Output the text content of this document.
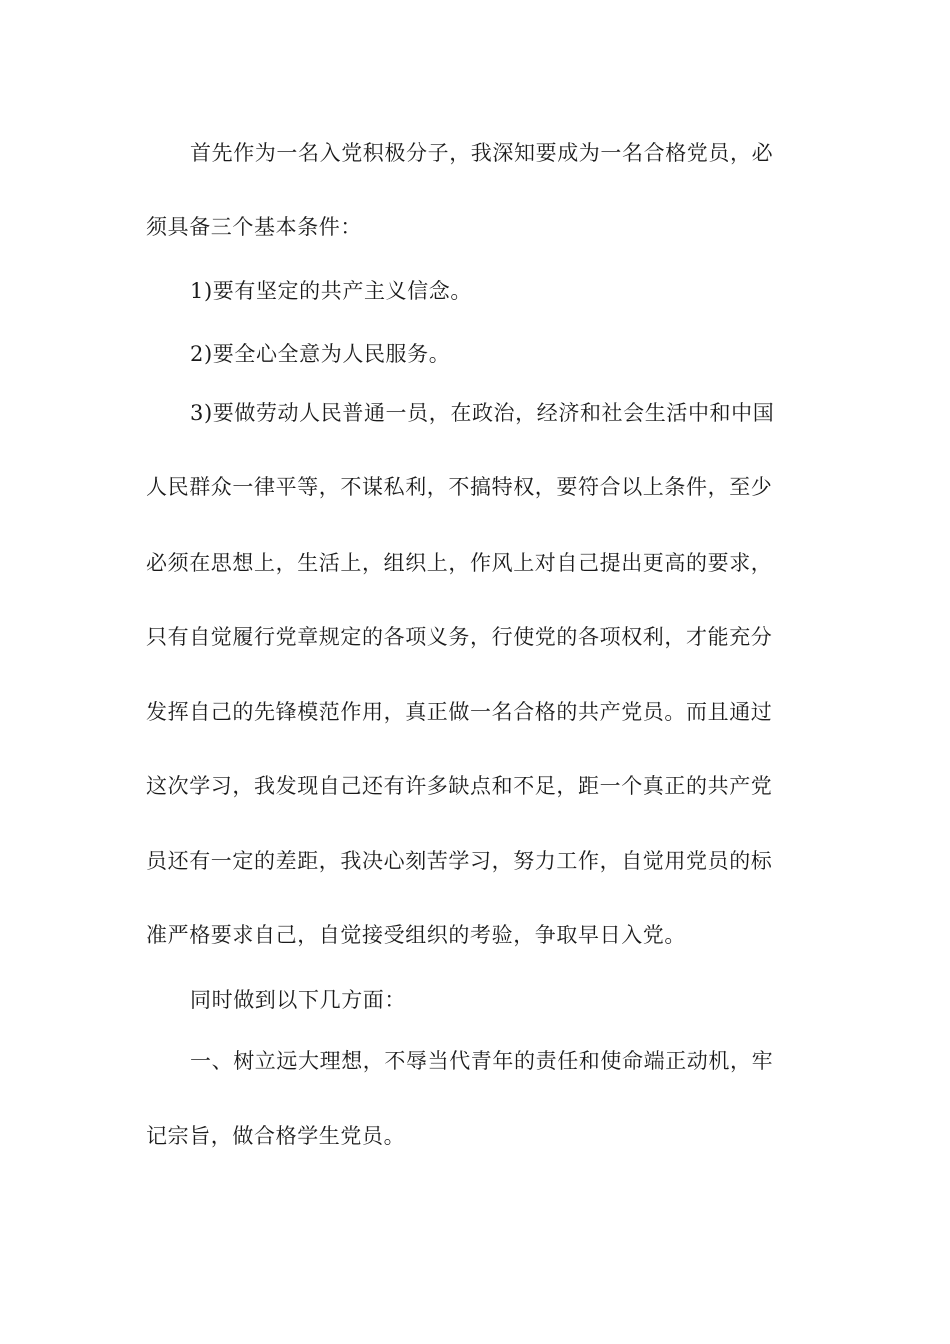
首先作为一名入党积极分子，我深知要成为一名合格党员，必
须具备三个基本条件：
1)要有坚定的共产主义信念。
2)要全心全意为人民服务。
3)要做劳动人民普通一员，在政治，经济和社会生活中和中国
人民群众一律平等，不谋私利，不搞特权，要符合以上条件，至少
必须在思想上，生活上，组织上，作风上对自己提出更高的要求，
只有自觉履行党章规定的各项义务，行使党的各项权利，才能充分
发挥自己的先锋模范作用，真正做一名合格的共产党员。而且通过
这次学习，我发现自己还有许多缺点和不足，距一个真正的共产党
员还有一定的差距，我决心刻苦学习，努力工作，自觉用党员的标
准严格要求自己，自觉接受组织的考验，争取早日入党。
同时做到以下几方面：
一、树立远大理想，不辱当代青年的责任和使命端正动机，牢
记宗旨，做合格学生党员。
